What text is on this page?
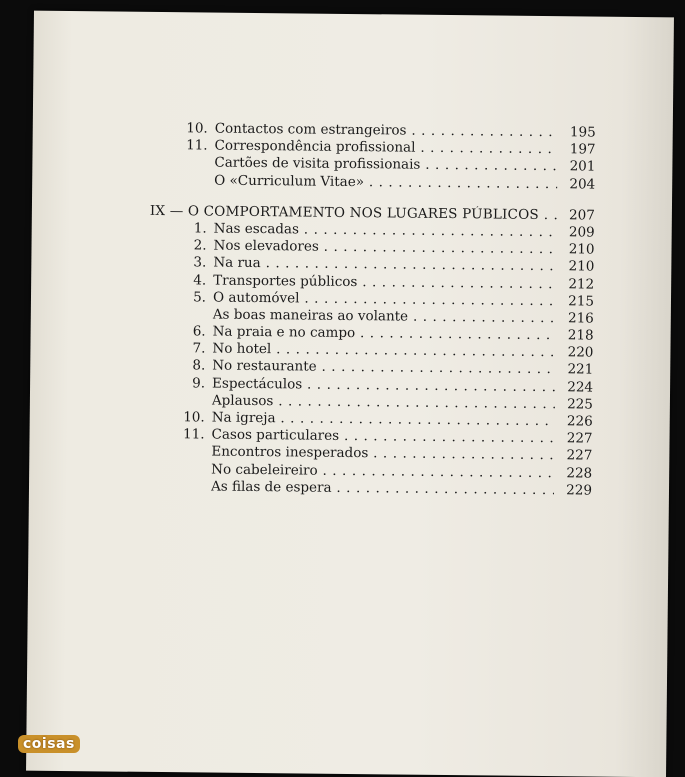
10. Contactos com estrangeiros . . .	195
11. Correspondência profissional . . .	197
Cartões de visita profissionais . . .	201
O «Curriculum Vitae» . . .	204
IX — O COMPORTAMENTO NOS LUGARES PÚBLICOS . . .	207
1. Nas escadas . . .	209
2. Nos elevadores . . .	210
3. Na rua . . .	210
4. Transportes públicos . . .	212
5. O automóvel . . .	215
As boas maneiras ao volante . . .	216
6. Na praia e no campo . . .	218
7. No hotel . . .	220
8. No restaurante . . .	221
9. Espectáculos . . .	224
Aplausos . . .	225
10. Na igreja . . .	226
11. Casos particulares . . .	227
Encontros inesperados . . .	227
No cabeleireiro . . .	228
As filas de espera . . .	229
coisas
